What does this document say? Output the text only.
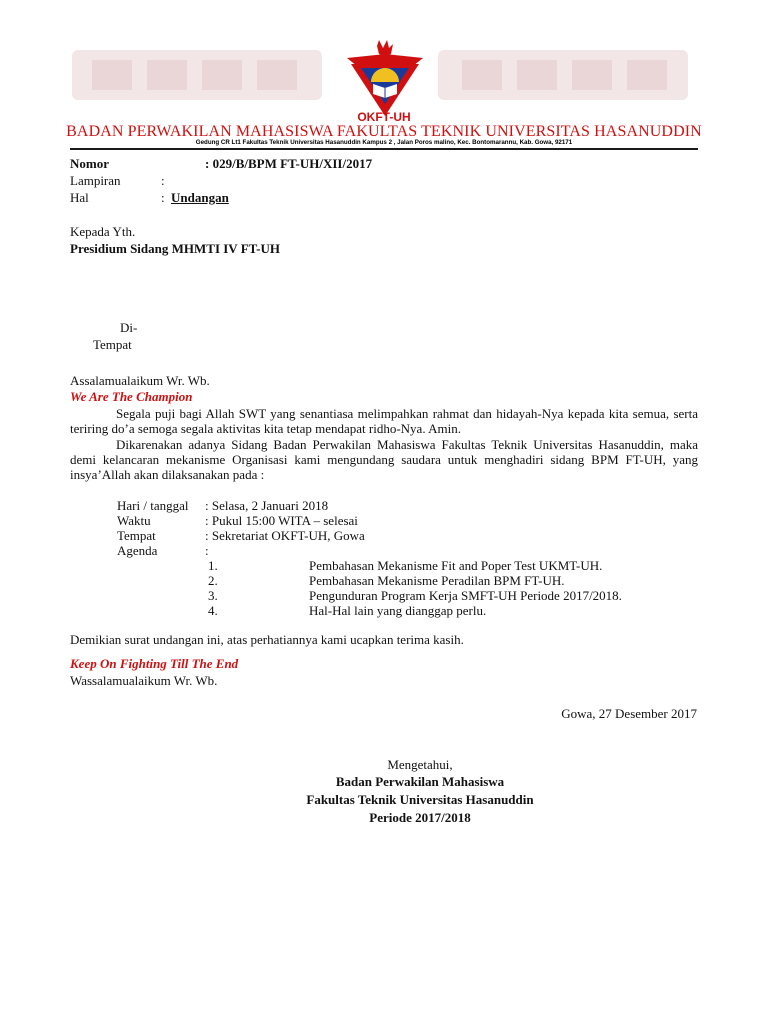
OKFT-UH
BADAN PERWAKILAN MAHASISWA FAKULTAS TEKNIK UNIVERSITAS HASANUDDIN
Gedung CR Lt1 Fakultas Teknik Universitas Hasanuddin Kampus 2 , Jalan Poros malino, Kec. Bontomarannu, Kab. Gowa, 92171
Nomor	: 029/B/BPM FT-UH/XII/2017
Lampiran	:
Hal	: Undangan
Kepada Yth.
Presidium Sidang MHMTI IV FT-UH
Di-
Tempat
Assalamualaikum Wr. Wb.
We Are The Champion
Segala puji bagi Allah SWT yang senantiasa melimpahkan rahmat dan hidayah-Nya kepada kita semua, serta teriring do’a semoga segala aktivitas kita tetap mendapat ridho-Nya. Amin.
Dikarenakan adanya Sidang Badan Perwakilan Mahasiswa Fakultas Teknik Universitas Hasanuddin, maka demi kelancaran mekanisme Organisasi kami mengundang saudara untuk menghadiri sidang BPM FT-UH, yang insya’Allah akan dilaksanakan pada :
Hari / tanggal : Selasa, 2 Januari 2018
Waktu	: Pukul 15:00 WITA – selesai
Tempat	: Sekretariat OKFT-UH, Gowa
Agenda	:
1.	Pembahasan Mekanisme Fit and Poper Test UKMT-UH.
2.	Pembahasan Mekanisme Peradilan BPM FT-UH.
3.	Pengunduran Program Kerja SMFT-UH Periode 2017/2018.
4.	Hal-Hal lain yang dianggap perlu.
Demikian surat undangan ini, atas perhatiannya kami ucapkan terima kasih.
Keep On Fighting Till The End
Wassalamualaikum Wr. Wb.
Gowa, 27 Desember 2017
Mengetahui,
Badan Perwakilan Mahasiswa
Fakultas Teknik Universitas Hasanuddin
Periode 2017/2018
